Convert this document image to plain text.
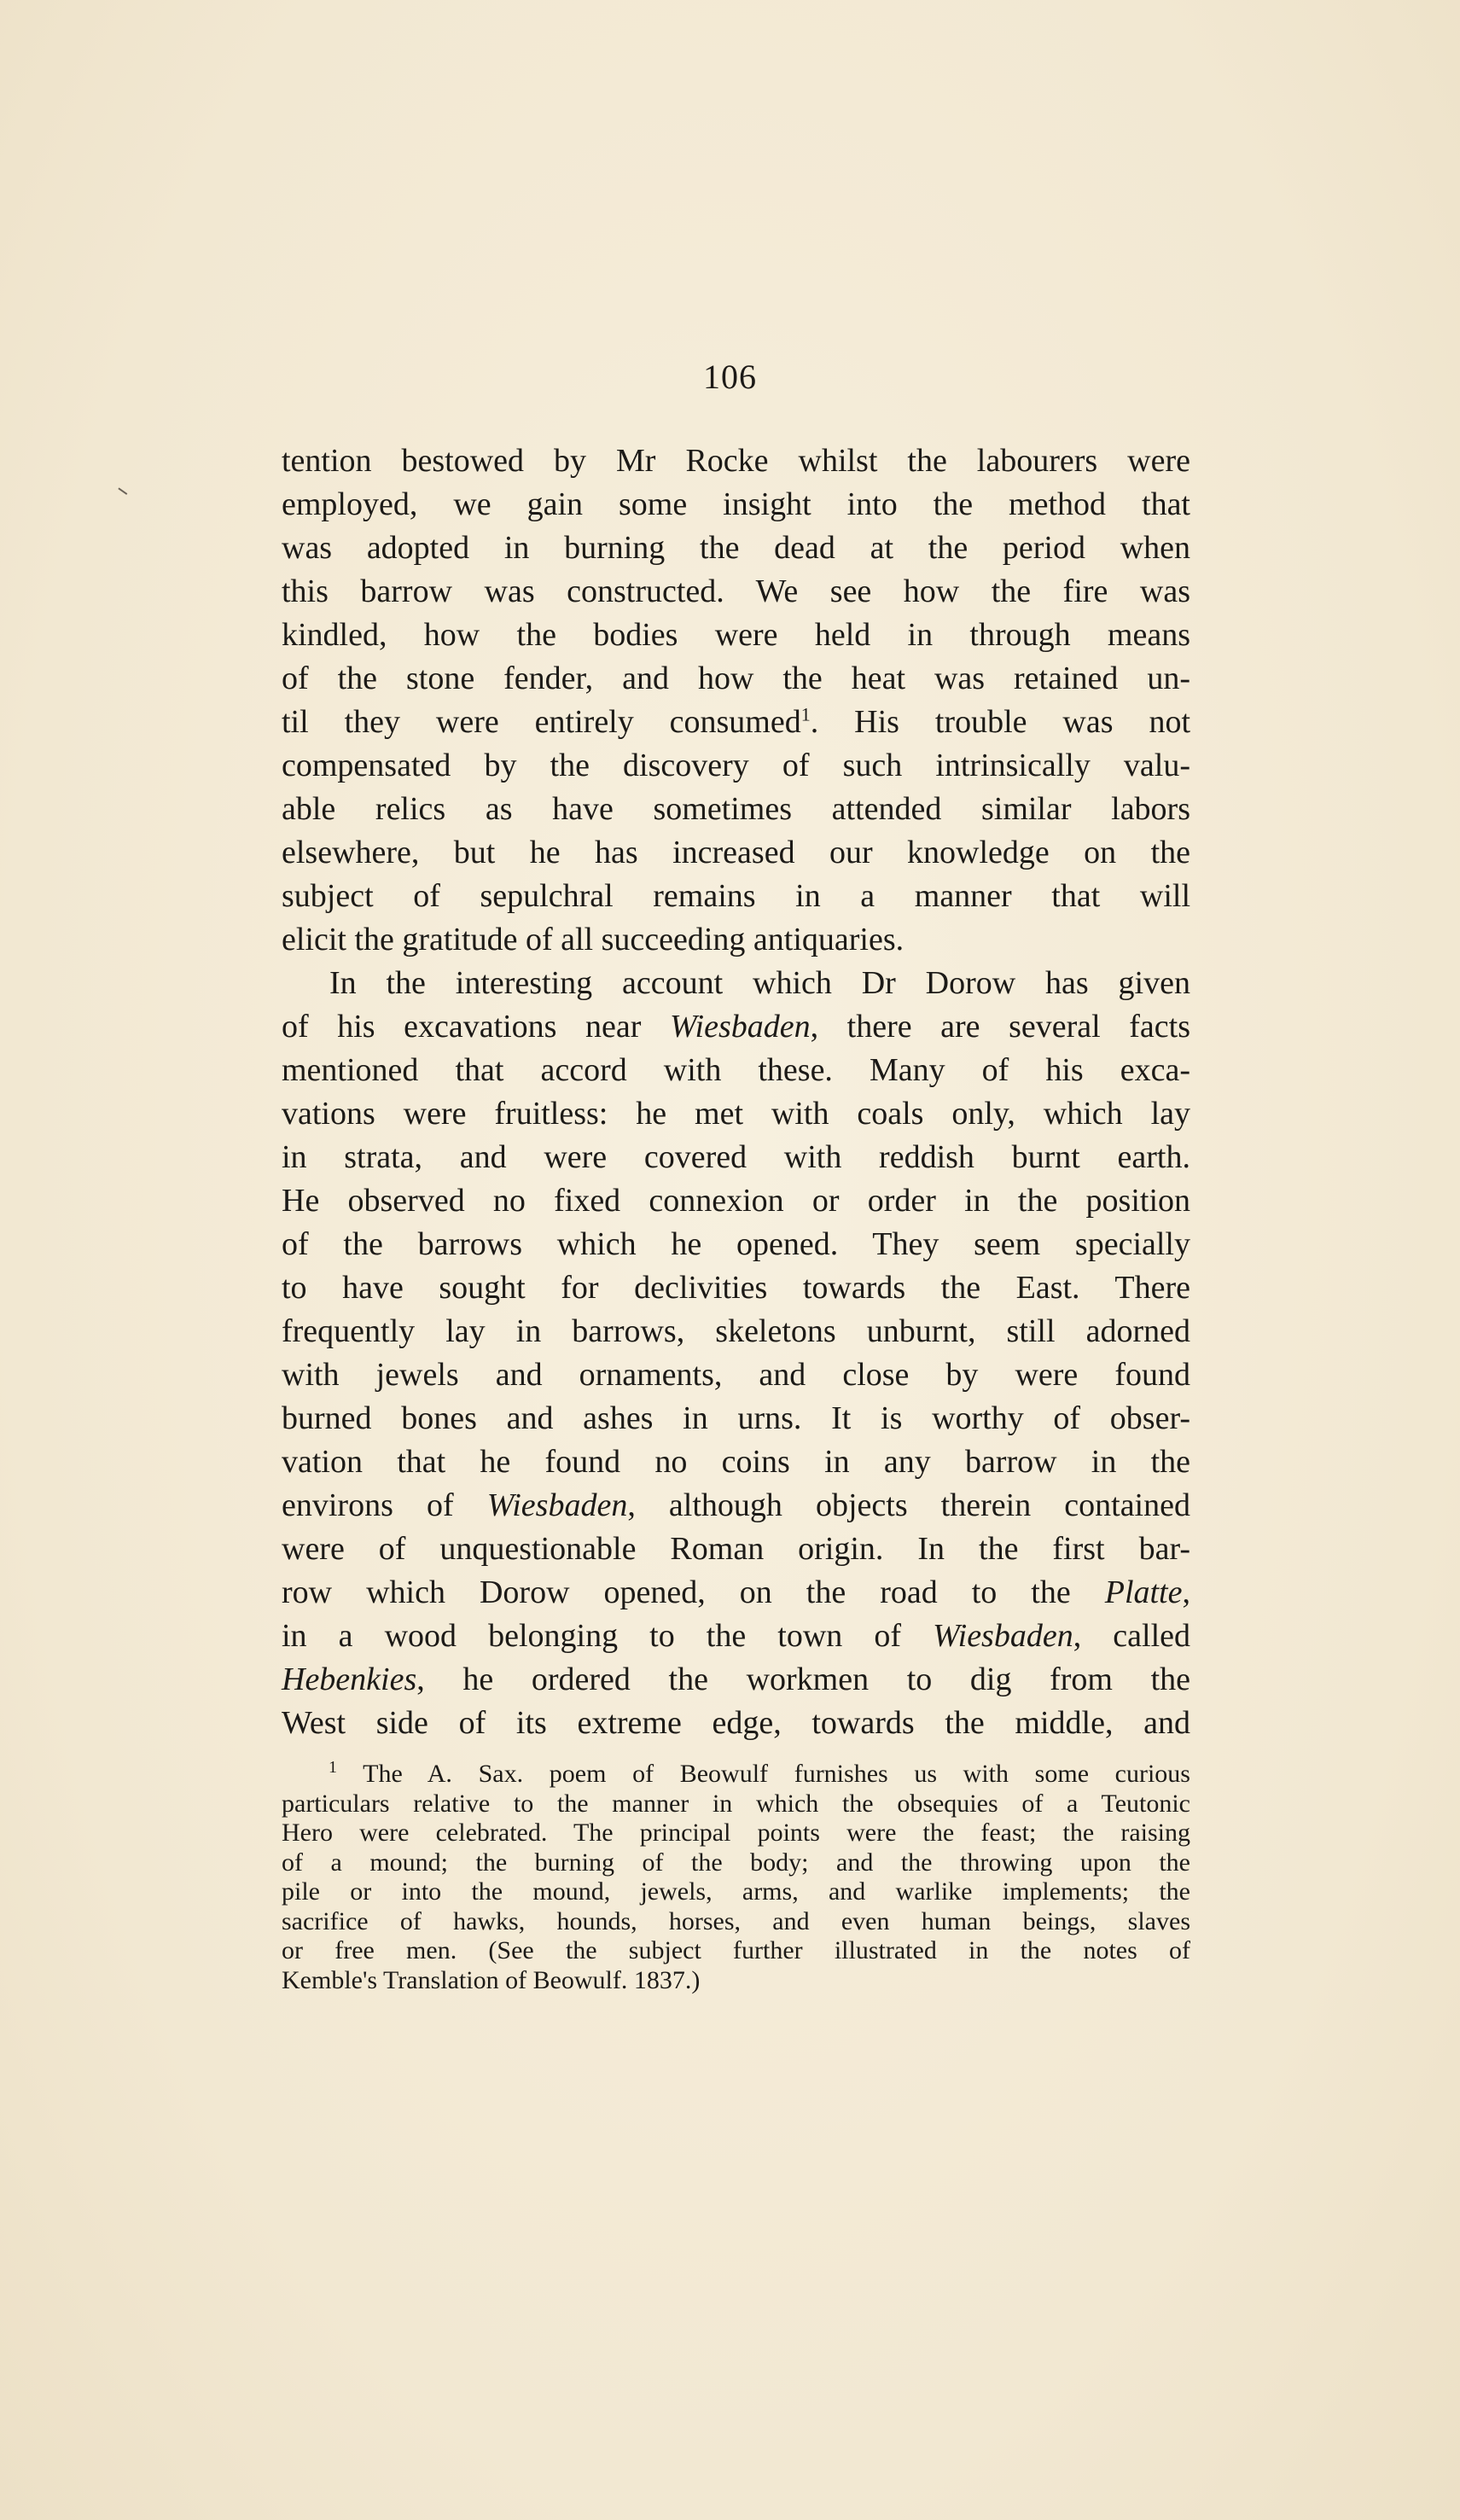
106

tention bestowed by Mr Rocke whilst the labourers were
employed, we gain some insight into the method that
was adopted in burning the dead at the period when
this barrow was constructed. We see how the fire was
kindled, how the bodies were held in through means
of the stone fender, and how the heat was retained un-
til they were entirely consumed$^1$. His trouble was not
compensated by the discovery of such intrinsically valu-
able relics as have sometimes attended similar labors
elsewhere, but he has increased our knowledge on the
subject of sepulchral remains in a manner that will
elicit the gratitude of all succeeding antiquaries.
In the interesting account which Dr Dorow has given
of his excavations near Wiesbaden, there are several facts
mentioned that accord with these. Many of his exca-
vations were fruitless: he met with coals only, which lay
in strata, and were covered with reddish burnt earth.
He observed no fixed connexion or order in the position
of the barrows which he opened. They seem specially
to have sought for declivities towards the East. There
frequently lay in barrows, skeletons unburnt, still adorned
with jewels and ornaments, and close by were found
burned bones and ashes in urns. It is worthy of obser-
vation that he found no coins in any barrow in the
environs of Wiesbaden, although objects therein contained
were of unquestionable Roman origin. In the first bar-
row which Dorow opened, on the road to the Platte,
in a wood belonging to the town of Wiesbaden, called
Hebenkies, he ordered the workmen to dig from the
West side of its extreme edge, towards the middle, and
$^1$ The A. Sax. poem of Beowulf furnishes us with some curious
particulars relative to the manner in which the obsequies of a Teutonic
Hero were celebrated. The principal points were the feast; the raising
of a mound; the burning of the body; and the throwing upon the
pile or into the mound, jewels, arms, and warlike implements; the
sacrifice of hawks, hounds, horses, and even human beings, slaves
or free men. (See the subject further illustrated in the notes of
Kemble's Translation of Beowulf. 1837.)
